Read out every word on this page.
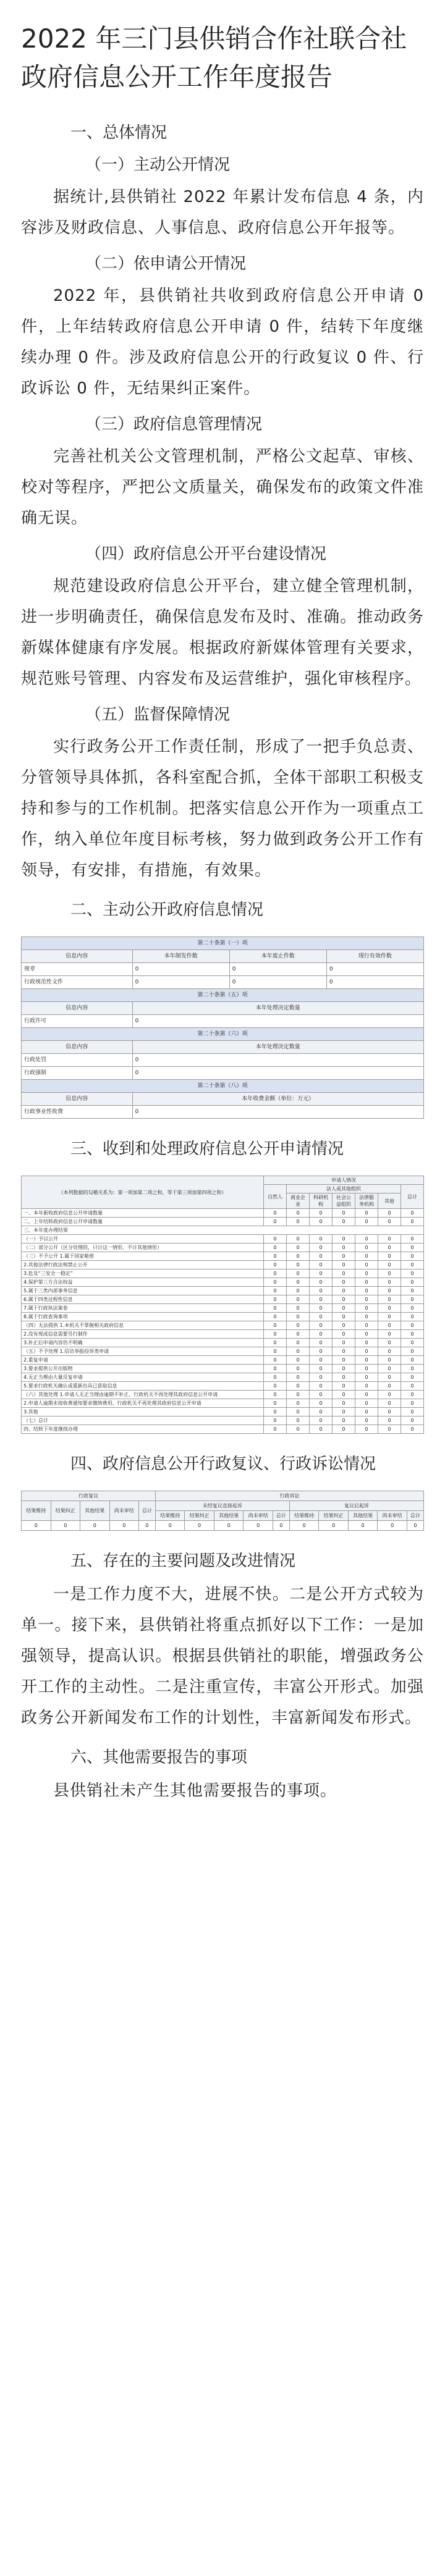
2022 年三门县供销合作社联合社
政府信息公开工作年度报告
一、总体情况
（一）主动公开情况

据统计,县供销社 2022 年累计发布信息 4 条，内容涉及财政信息、人事信息、政府信息公开年报等。

（二）依申请公开情况

2022 年，县供销社共收到政府信息公开申请 0 件，上年结转政府信息公开申请 0 件，结转下年度继续办理 0 件。涉及政府信息公开的行政复议 0 件、行政诉讼 0 件，无结果纠正案件。

（三）政府信息管理情况

完善社机关公文管理机制，严格公文起草、审核、校对等程序，严把公文质量关，确保发布的政策文件准确无误。

（四）政府信息公开平台建设情况

规范建设政府信息公开平台，建立健全管理机制，进一步明确责任，确保信息发布及时、准确。推动政务新媒体健康有序发展。根据政府新媒体管理有关要求，规范账号管理、内容发布及运营维护，强化审核程序。

（五）监督保障情况

实行政务公开工作责任制，形成了一把手负总责、分管领导具体抓，各科室配合抓，全体干部职工积极支持和参与的工作机制。把落实信息公开作为一项重点工作，纳入单位年度目标考核，努力做到政务公开工作有领导，有安排，有措施，有效果。

二、主动公开政府信息情况
第二十条第（一）项			
信息内容	本年制发件数	本年废止件数	现行有效件数
规章	0	0	0
行政规范性文件	0	0	0
第二十条第（五）项			
信息内容	本年处理决定数量		
行政许可	0		
第二十条第（六）项			
信息内容	本年处理决定数量		
行政处罚	0		
行政强制	0		
第二十条第（八）项			
信息内容	本年收费金额（单位：万元）		
行政事业性收费	0		
三、收到和处理政府信息公开申请情况
（本列数据的勾稽关系为：第一项加第二项之和，等于第三项加第四项之和）	申请人情况						
	自然人	法人或其他组织					总计
		商业企业	科研机构	社会公益组织	法律服务机构	其他	
一、本年新收政府信息公开申请数量	0	0	0	0	0	0	0
二、上年结转政府信息公开申请数量	0	0	0	0	0	0	0
三、本年度办理结果							
（一）予以公开	0	0	0	0	0	0	0
（二）部分公开（区分处理的，只计这一情形，不计其他情形）	0	0	0	0	0	0	0
（三）不予公开 1.属于国家秘密	0	0	0	0	0	0	0
2.其他法律行政法规禁止公开	0	0	0	0	0	0	0
3.危及“三安全一稳定”	0	0	0	0	0	0	0
4.保护第三方合法权益	0	0	0	0	0	0	0
5.属于三类内部事务信息	0	0	0	0	0	0	0
6.属于四类过程性信息	0	0	0	0	0	0	0
7.属于行政执法案卷	0	0	0	0	0	0	0
8.属于行政查询事项	0	0	0	0	0	0	0
（四）无法提供 1.本机关不掌握相关政府信息	0	0	0	0	0	0	0
2.没有现成信息需要另行制作	0	0	0	0	0	0	0
3.补正后申请内容仍不明确	0	0	0	0	0	0	0
（五）不予处理 1.信访举报投诉类申请	0	0	0	0	0	0	0
2.重复申请	0	0	0	0	0	0	0
3.要求提供公开出版物	0	0	0	0	0	0	0
4.无正当理由大量反复申请	0	0	0	0	0	0	0
5.要求行政机关确认或重新出具已获取信息	0	0	0	0	0	0	0
（六）其他处理 1.申请人无正当理由逾期不补正、行政机关不再处理其政府信息公开申请	0	0	0	0	0	0	0
2.申请人逾期未按收费通知要求缴纳费用、行政机关不再处理其政府信息公开申请	0	0	0	0	0	0	0
3.其他	0	0	0	0	0	0	0
（七）总计	0	0	0	0	0	0	0
四、结转下年度继续办理	0	0	0	0	0	0	0
四、政府信息公开行政复议、行政诉讼情况
行政复议					行政诉讼									
结果维持	结果纠正	其他结果	尚未审结	总计	未经复议直接起诉					复议后起诉				
					结果维持	结果纠正	其他结果	尚未审结	总计	结果维持	结果纠正	其他结果	尚未审结	总计
0	0	0	0	0	0	0	0	0	0	0	0	0	0	0
五、存在的主要问题及改进情况

一是工作力度不大，进展不快。二是公开方式较为单一。接下来，县供销社将重点抓好以下工作：一是加强领导，提高认识。根据县供销社的职能，增强政务公开工作的主动性。二是注重宣传，丰富公开形式。加强政务公开新闻发布工作的计划性，丰富新闻发布形式。

六、其他需要报告的事项

县供销社未产生其他需要报告的事项。
